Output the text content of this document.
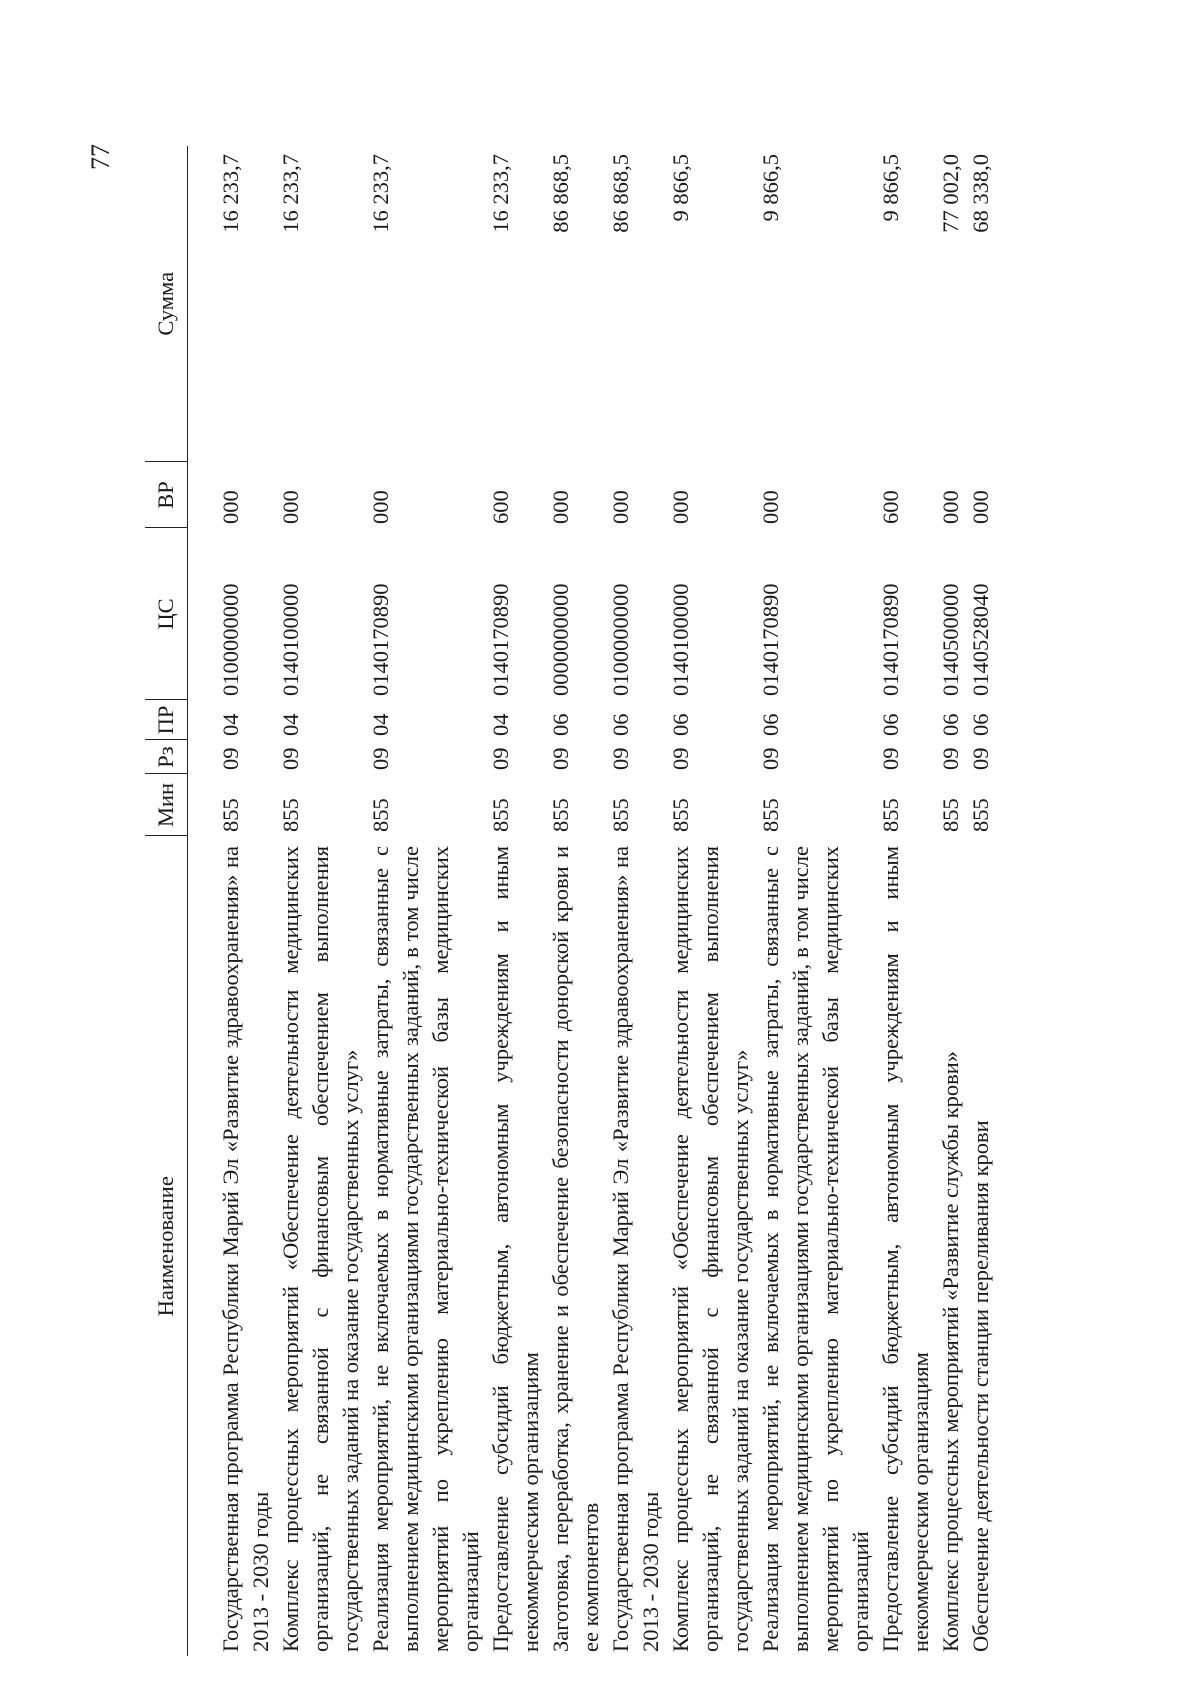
77
Наименование	Мин	Рз	ПР	ЦС	ВР	Сумма
Государственная программа Республики Марий Эл «Развитие здравоохранения» на 2013 - 2030 годы	855	09	04	0100000000	000	16 233,7
Комплекс процессных мероприятий «Обеспечение деятельности медицинских организаций, не связанной с финансовым обеспечением выполнения государственных заданий на оказание государственных услуг»	855	09	04	0140100000	000	16 233,7
Реализация мероприятий, не включаемых в нормативные затраты, связанные с выполнением медицинскими организациями государственных заданий, в том числе мероприятий по укреплению материально-технической базы медицинских организаций	855	09	04	0140170890	000	16 233,7
Предоставление субсидий бюджетным, автономным учреждениям и иным некоммерческим организациям	855	09	04	0140170890	600	16 233,7
Заготовка, переработка, хранение и обеспечение безопасности донорской крови и ее компонентов	855	09	06	0000000000	000	86 868,5
Государственная программа Республики Марий Эл «Развитие здравоохранения» на 2013 - 2030 годы	855	09	06	0100000000	000	86 868,5
Комплекс процессных мероприятий «Обеспечение деятельности медицинских организаций, не связанной с финансовым обеспечением выполнения государственных заданий на оказание государственных услуг»	855	09	06	0140100000	000	9 866,5
Реализация мероприятий, не включаемых в нормативные затраты, связанные с выполнением медицинскими организациями государственных заданий, в том числе мероприятий по укреплению материально-технической базы медицинских организаций	855	09	06	0140170890	000	9 866,5
Предоставление субсидий бюджетным, автономным учреждениям и иным некоммерческим организациям	855	09	06	0140170890	600	9 866,5
Комплекс процессных мероприятий «Развитие службы крови»	855	09	06	0140500000	000	77 002,0
Обеспечение деятельности станции переливания крови	855	09	06	0140528040	000	68 338,0
